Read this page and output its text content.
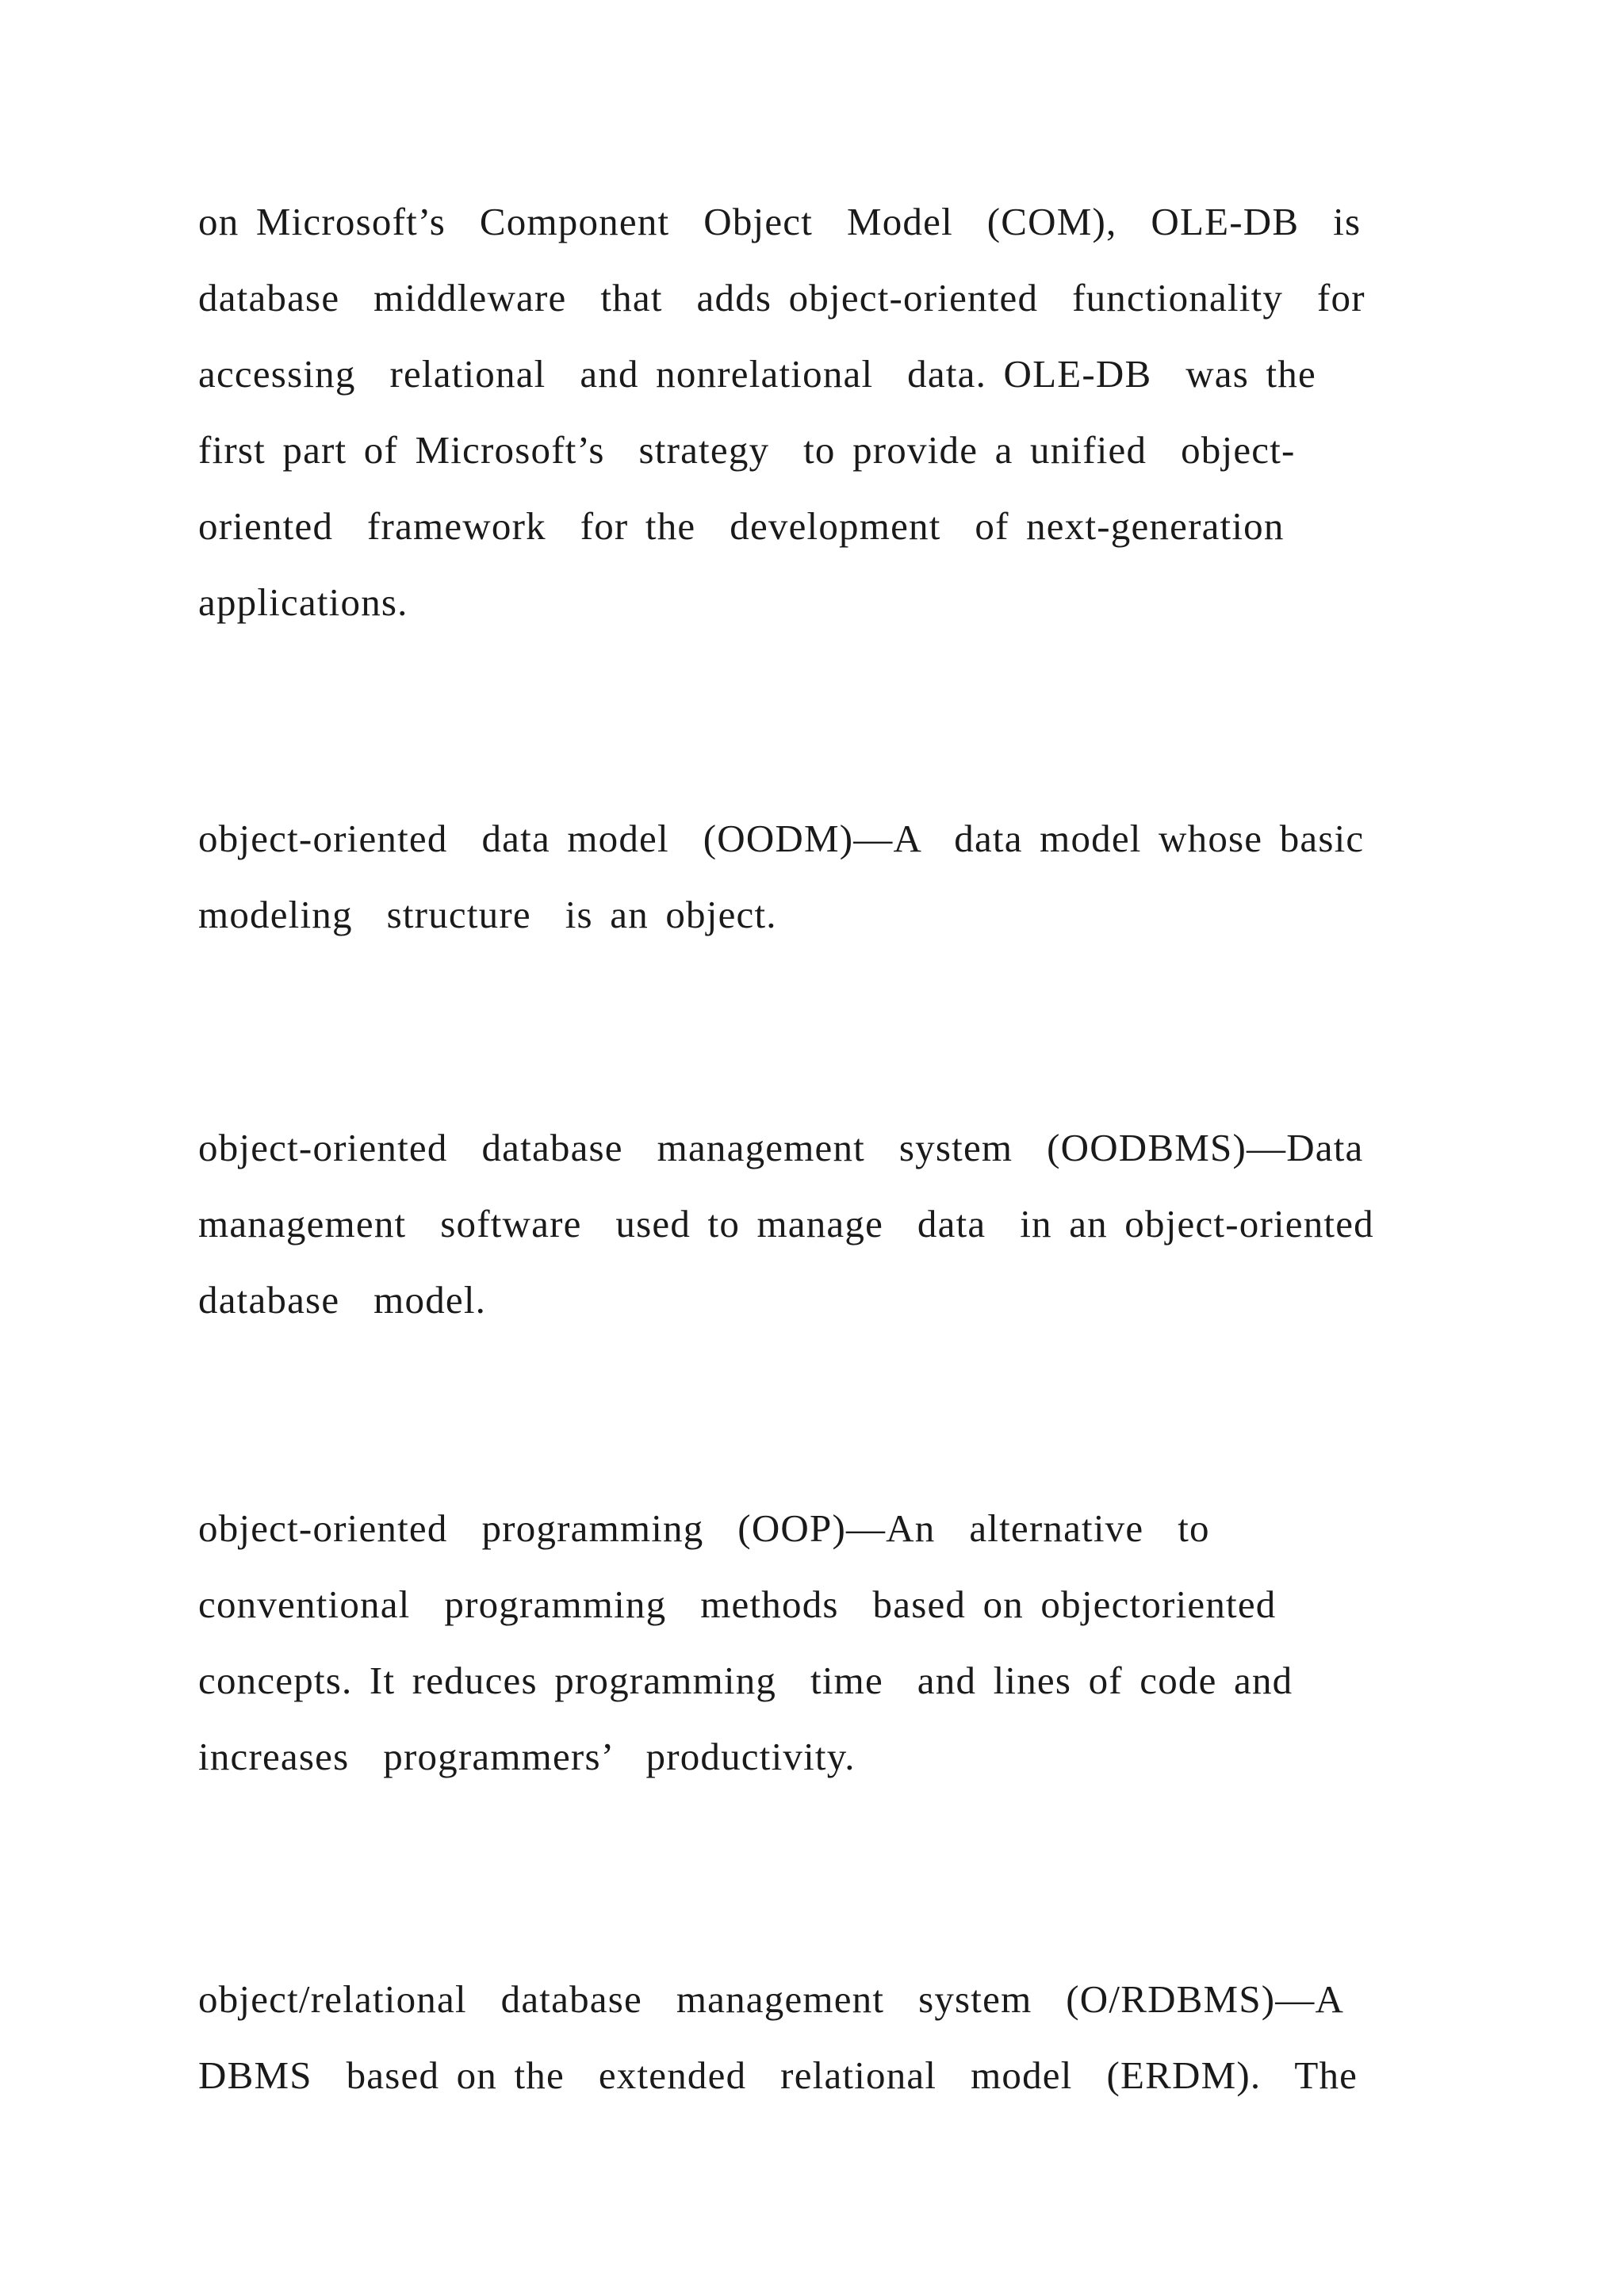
on Microsoft’s  Component  Object  Model  (COM),  OLE-DB  is
database  middleware  that  adds object-oriented  functionality  for
accessing  relational  and nonrelational  data. OLE-DB  was the
first part of Microsoft’s  strategy  to provide a unified  object-
oriented  framework  for the  development  of next-generation
applications.
object-oriented  data model  (OODM)—A  data model whose basic
modeling  structure  is an object.
object-oriented  database  management  system  (OODBMS)—Data
management  software  used to manage  data  in an object-oriented
database  model.
object-oriented  programming  (OOP)—An  alternative  to
conventional  programming  methods  based on objectoriented
concepts. It reduces programming  time  and lines of code and
increases  programmers’  productivity.
object/relational  database  management  system  (O/RDBMS)—A
DBMS  based on the  extended  relational  model  (ERDM).  The
